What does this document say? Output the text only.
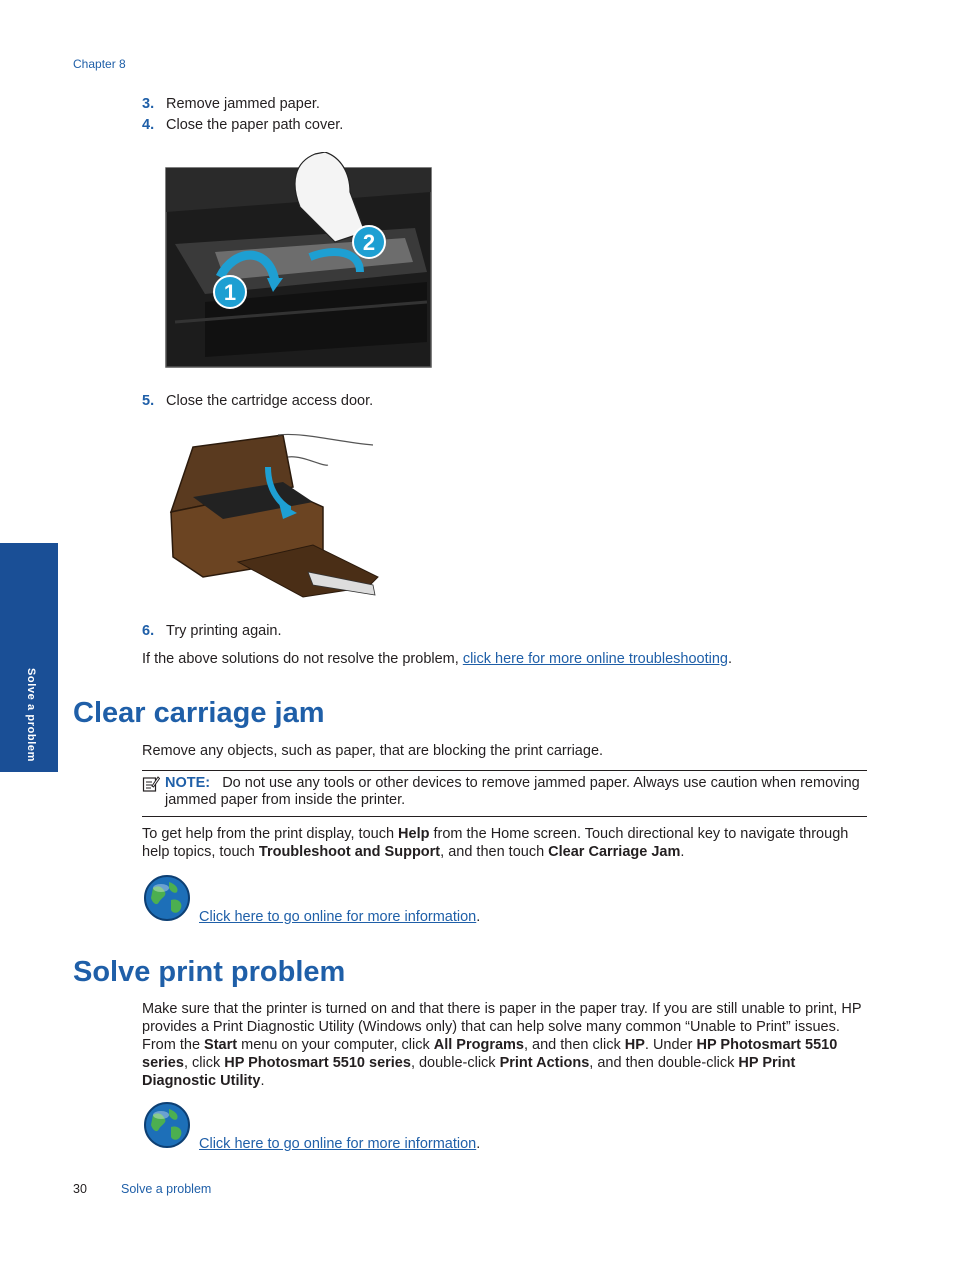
Chapter 8
3. Remove jammed paper.
4. Close the paper path cover.
1
2
5. Close the cartridge access door.
6. Try printing again.
If the above solutions do not resolve the problem, click here for more online troubleshooting.
Solve a problem Clear carriage jam
Remove any objects, such as paper, that are blocking the print carriage.
NOTE: Do not use any tools or other devices to remove jammed paper. Always use caution when removing jammed paper from inside the printer.
To get help from the print display, touch Help from the Home screen. Touch directional key to navigate through help topics, touch Troubleshoot and Support, and then touch Clear Carriage Jam.
Click here to go online for more information.
Solve print problem
Make sure that the printer is turned on and that there is paper in the paper tray. If you are still unable to print, HP provides a Print Diagnostic Utility (Windows only) that can help solve many common “Unable to Print” issues. From the Start menu on your computer, click All Programs, and then click HP. Under HP Photosmart 5510 series, click HP Photosmart 5510 series, double-click Print Actions, and then double-click HP Print Diagnostic Utility.
Click here to go online for more information.
30	Solve a problem
